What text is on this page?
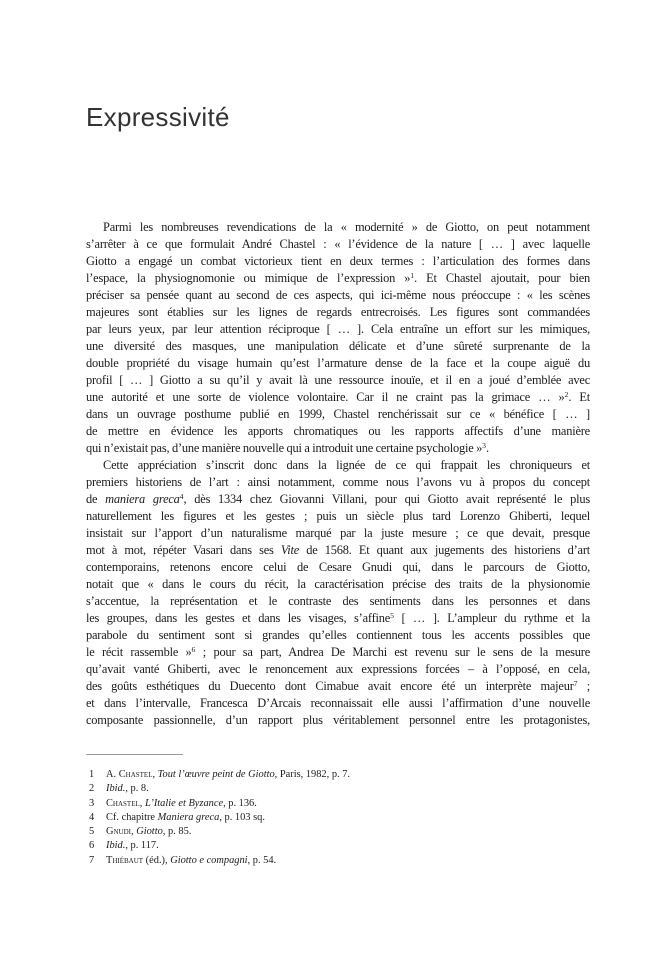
Expressivité
Parmi les nombreuses revendications de la « modernité » de Giotto, on peut notamment
s’arrêter à ce que formulait André Chastel : « l’évidence de la nature [ … ] avec laquelle
Giotto a engagé un combat victorieux tient en deux termes : l’articulation des formes dans
l’espace, la physiognomonie ou mimique de l’expression »$^1$. Et Chastel ajoutait, pour bien
préciser sa pensée quant au second de ces aspects, qui ici-même nous préoccupe : « les scènes
majeures sont établies sur les lignes de regards entrecroisés. Les figures sont commandées
par leurs yeux, par leur attention réciproque [ … ]. Cela entraîne un effort sur les mimiques,
une diversité des masques, une manipulation délicate et d’une sûreté surprenante de la
double propriété du visage humain qu’est l’armature dense de la face et la coupe aiguë du
profil [ … ] Giotto a su qu’il y avait là une ressource inouïe, et il en a joué d’emblée avec
une autorité et une sorte de violence volontaire. Car il ne craint pas la grimace … »$^2$. Et
dans un ouvrage posthume publié en 1999, Chastel renchérissait sur ce « bénéfice [ … ]
de mettre en évidence les apports chromatiques ou les rapports affectifs d’une manière
qui n’existait pas, d’une manière nouvelle qui a introduit une certaine psychologie »$^3$.
Cette appréciation s’inscrit donc dans la lignée de ce qui frappait les chroniqueurs et
premiers historiens de l’art : ainsi notamment, comme nous l’avons vu à propos du concept
de maniera greca$^4$, dès 1334 chez Giovanni Villani, pour qui Giotto avait représenté le plus
naturellement les figures et les gestes ; puis un siècle plus tard Lorenzo Ghiberti, lequel
insistait sur l’apport d’un naturalisme marqué par la juste mesure ; ce que devait, presque
mot à mot, répéter Vasari dans ses Vite de 1568. Et quant aux jugements des historiens d’art
contemporains, retenons encore celui de Cesare Gnudi qui, dans le parcours de Giotto,
notait que « dans le cours du récit, la caractérisation précise des traits de la physionomie
s’accentue, la représentation et le contraste des sentiments dans les personnes et dans
les groupes, dans les gestes et dans les visages, s’affine$^5$ [ … ]. L’ampleur du rythme et la
parabole du sentiment sont si grandes qu’elles contiennent tous les accents possibles que
le récit rassemble »$^6$ ; pour sa part, Andrea De Marchi est revenu sur le sens de la mesure
qu’avait vanté Ghiberti, avec le renoncement aux expressions forcées – à l’opposé, en cela,
des goûts esthétiques du Duecento dont Cimabue avait encore été un interprète majeur$^7$ ;
et dans l’intervalle, Francesca D’Arcais reconnaissait elle aussi l’affirmation d’une nouvelle
composante passionnelle, d’un rapport plus véritablement personnel entre les protagonistes,
1	A. Chastel, Tout l’œuvre peint de Giotto, Paris, 1982, p. 7.
2	Ibid., p. 8.
3	Chastel, L’Italie et Byzance, p. 136.
4	Cf. chapitre Maniera greca, p. 103 sq.
5	Gnudi, Giotto, p. 85.
6	Ibid., p. 117.
7	Thiébaut (éd.), Giotto e compagni, p. 54.
